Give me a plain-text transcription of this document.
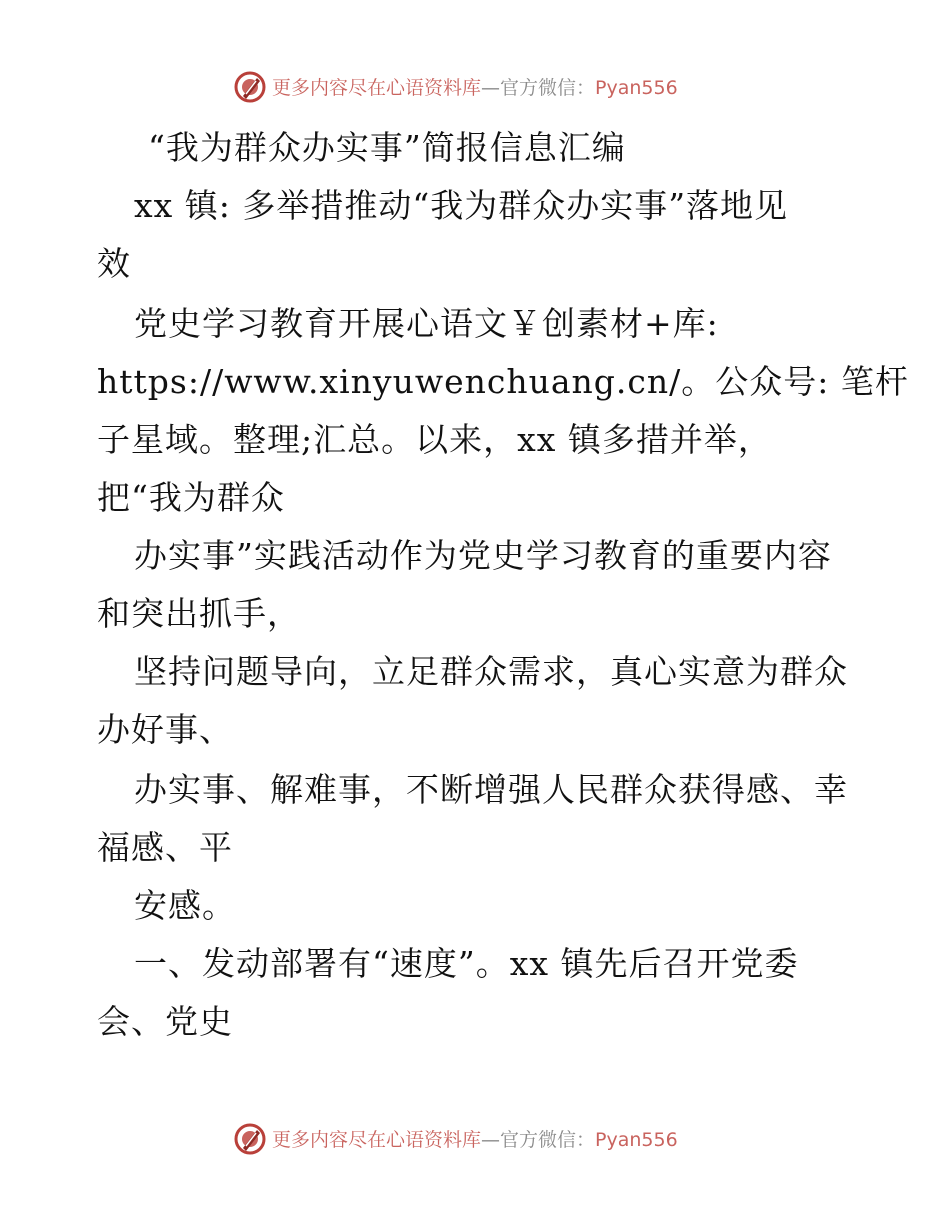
更多内容尽在心语资料库—官方微信：Pyan556
“我为群众办实事”简报信息汇编
xx 镇: 多举措推动“我为群众办实事”落地见
效
党史学习教育开展心语文￥创素材+库:
https://www.xinyuwenchuang.cn/。公众号: 笔杆
子星域。整理;汇总。以来，xx 镇多措并举，
把“我为群众
办实事”实践活动作为党史学习教育的重要内容
和突出抓手，
坚持问题导向，立足群众需求，真心实意为群众
办好事、
办实事、解难事，不断增强人民群众获得感、幸
福感、平
安感。
一、发动部署有“速度”。xx 镇先后召开党委
会、党史
更多内容尽在心语资料库—官方微信：Pyan556
